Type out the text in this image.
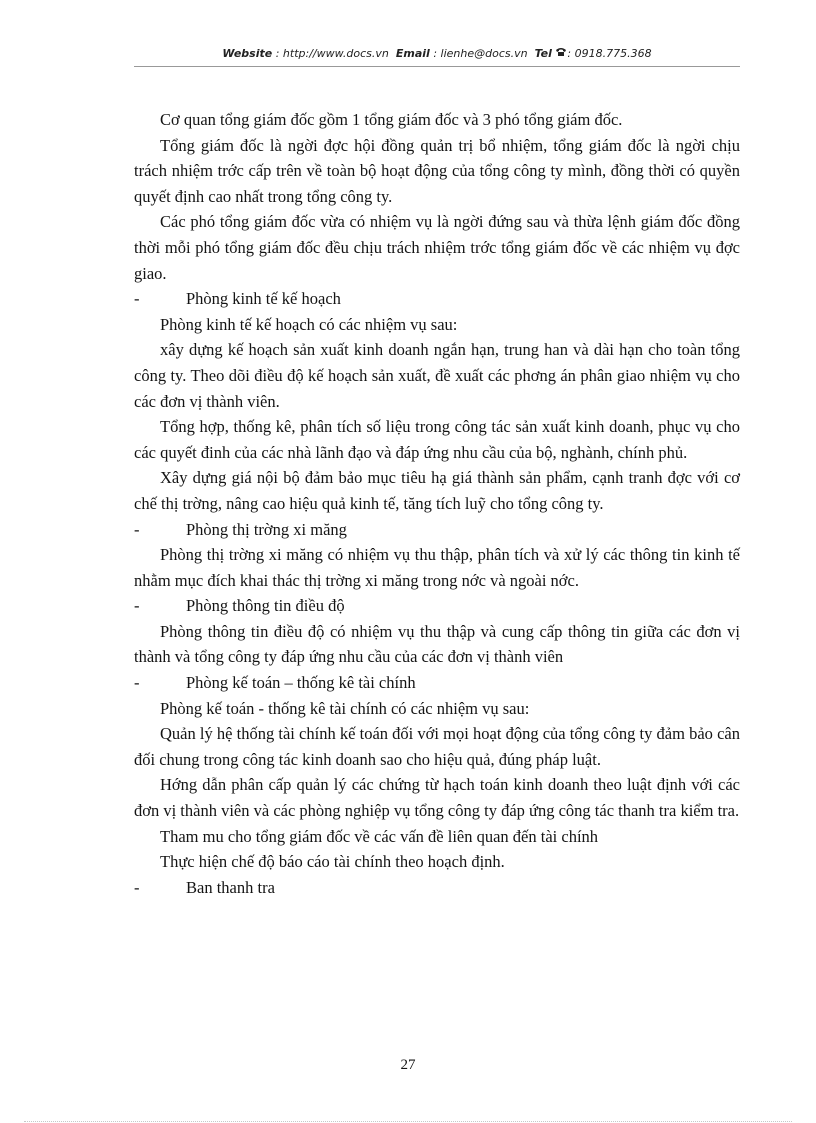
Website : http://www.docs.vn Email : lienhe@docs.vn Tel : 0918.775.368

Cơ quan tổng giám đốc gồm 1 tổng giám đốc và 3 phó tổng giám đốc.

Tổng giám đốc là ngời đợc hội đồng quản trị bổ nhiệm, tổng giám đốc là ngời chịu trách nhiệm trớc cấp trên về toàn bộ hoạt động của tổng công ty mình, đồng thời có quyền quyết định cao nhất trong tổng công ty.

Các phó tổng giám đốc vừa có nhiệm vụ là ngời đứng sau và thừa lệnh giám đốc đồng thời mỗi phó tổng giám đốc đều chịu trách nhiệm trớc tổng giám đốc về các nhiệm vụ đợc giao.

-	Phòng kinh tế kế hoạch

Phòng kinh tế kế hoạch có các nhiệm vụ sau:

xây dựng kế hoạch sản xuất kinh doanh ngắn hạn, trung han và dài hạn cho toàn tổng công ty. Theo dõi điều độ kế hoạch sản xuất, đề xuất các phơng án phân giao nhiệm vụ cho các đơn vị thành viên.

Tổng hợp, thống kê, phân tích số liệu trong công tác sản xuất kinh doanh, phục vụ cho các quyết đinh của các nhà lãnh đạo và đáp ứng nhu cầu của bộ, nghành, chính phủ.

Xây dựng giá nội bộ đảm bảo mục tiêu hạ giá thành sản phẩm, cạnh tranh đợc với cơ chế thị trờng, nâng cao hiệu quả kinh tế, tăng tích luỹ cho tổng công ty.

-	Phòng thị trờng xi măng

Phòng thị trờng xi măng có nhiệm vụ thu thập, phân tích và xử lý các thông tin kinh tế nhằm mục đích khai thác thị trờng xi măng trong nớc và ngoài nớc.

-	Phòng thông tin điều độ

Phòng thông tin điều độ có nhiệm vụ thu thập và cung cấp thông tin giữa các đơn vị thành và tổng công ty đáp ứng nhu cầu của các đơn vị thành viên

-	Phòng kế toán – thống kê tài chính

Phòng kế toán - thống kê tài chính có các nhiệm vụ sau:

Quản lý hệ thống tài chính kế toán đối với mọi hoạt động của tổng công ty đảm bảo cân đối chung trong công tác kinh doanh sao cho hiệu quả, đúng pháp luật.

Hớng dẫn phân cấp quản lý các chứng từ hạch toán kinh doanh theo luật định với các đơn vị thành viên và các phòng nghiệp vụ tổng công ty đáp ứng công tác thanh tra kiểm tra.

Tham mu cho tổng giám đốc về các vấn đề liên quan đến tài chính

Thực hiện chế độ báo cáo tài chính theo hoạch định.

-	Ban thanh tra

27
